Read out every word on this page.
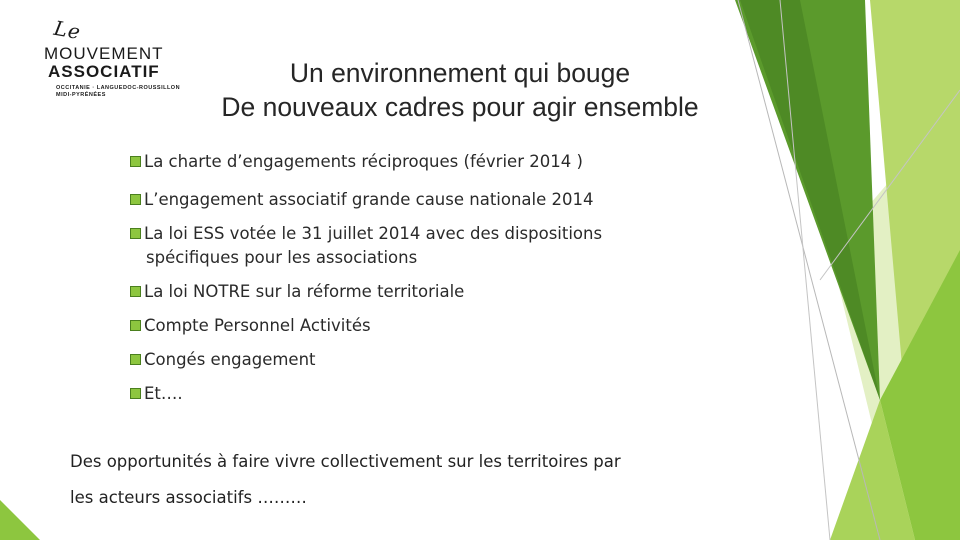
Le
MOUVEMENT
ASSOCIATIF
OCCITANIE · LANGUEDOC-ROUSSILLON
MIDI-PYRÉNÉES
Un environnement qui bouge
De nouveaux cadres pour agir ensemble
La charte d’engagements réciproques (février 2014 )
L’engagement associatif grande cause nationale 2014
La loi ESS votée le 31 juillet 2014 avec des dispositions
spécifiques pour les associations
La loi NOTRE sur la réforme territoriale
Compte Personnel Activités
Congés engagement
Et….
Des opportunités à faire vivre collectivement sur les territoires par
les acteurs associatifs ………
